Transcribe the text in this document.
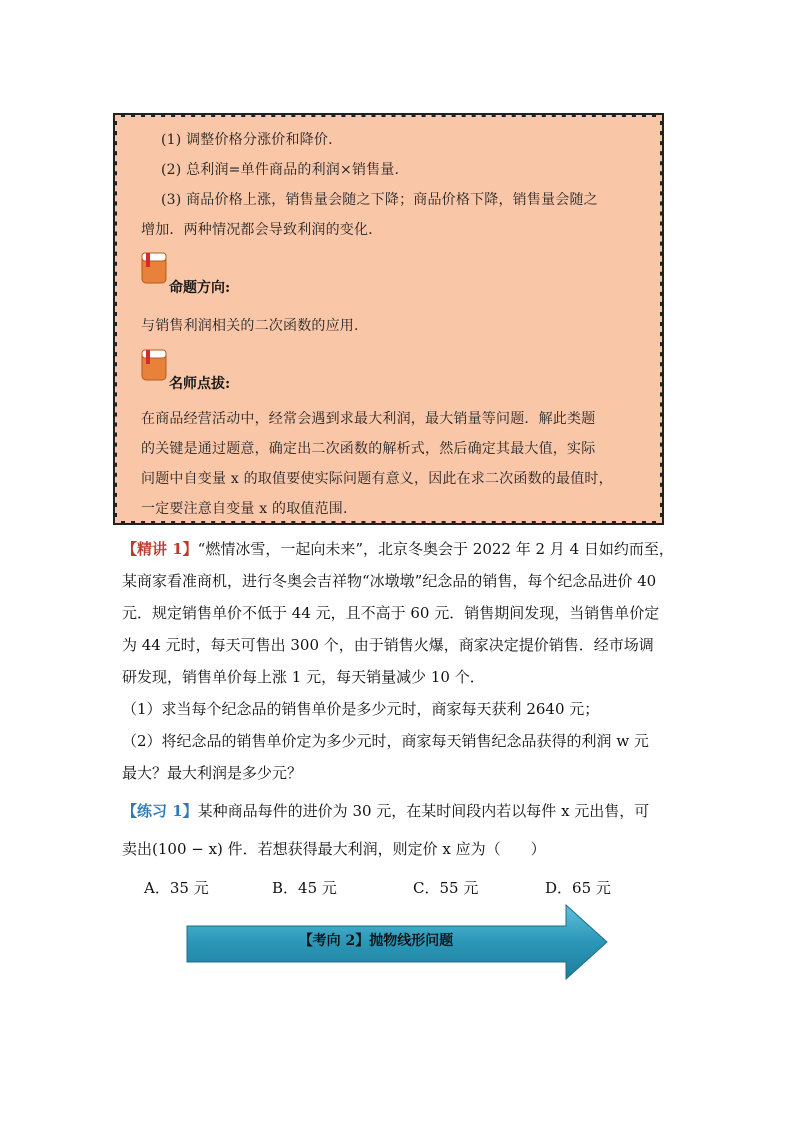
(1) 调整价格分涨价和降价.
(2) 总利润=单件商品的利润×销售量.
(3) 商品价格上涨，销售量会随之下降；商品价格下降，销售量会随之
增加．两种情况都会导致利润的变化．
命题方向:
与销售利润相关的二次函数的应用.
名师点拔:
在商品经营活动中，经常会遇到求最大利润，最大销量等问题．解此类题
的关键是通过题意，确定出二次函数的解析式，然后确定其最大值，实际
问题中自变量 x 的取值要使实际问题有意义，因此在求二次函数的最值时，
一定要注意自变量 x 的取值范围.
【精讲 1】“燃情冰雪，一起向未来”，北京冬奥会于 2022 年 2 月 4 日如约而至，
某商家看准商机，进行冬奥会吉祥物“冰墩墩”纪念品的销售，每个纪念品进价 40
元．规定销售单价不低于 44 元，且不高于 60 元．销售期间发现，当销售单价定
为 44 元时，每天可售出 300 个，由于销售火爆，商家决定提价销售．经市场调
研发现，销售单价每上涨 1 元，每天销量减少 10 个．
（1）求当每个纪念品的销售单价是多少元时，商家每天获利 2640 元；
（2）将纪念品的销售单价定为多少元时，商家每天销售纪念品获得的利润 w 元
最大？最大利润是多少元？
【练习 1】某种商品每件的进价为 30 元，在某时间段内若以每件 x 元出售，可
卖出(100 − x) 件．若想获得最大利润，则定价 x 应为（　　）
A．35 元	B．45 元	C．55 元	D．65 元
【考向 2】抛物线形问题
